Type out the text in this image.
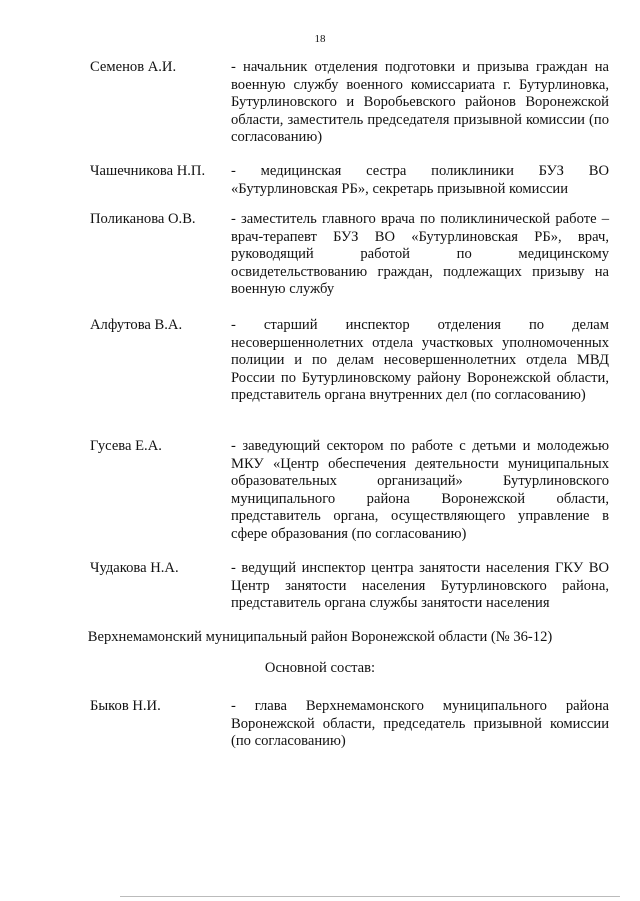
18
Семенов А.И.	- начальник отделения подготовки и призыва граждан на военную службу военного комиссариата г. Бутурлиновка, Бутурлиновского и Воробьевского районов Воронежской области, заместитель председателя призывной комиссии (по согласованию)
Чашечникова Н.П. - медицинская сестра поликлиники БУЗ ВО «Бутурлиновская РБ», секретарь призывной комиссии
Поликанова О.В. - заместитель главного врача по поликлинической работе – врач-терапевт БУЗ ВО «Бутурлиновская РБ», врач, руководящий работой по медицинскому освидетельствованию граждан, подлежащих призыву на военную службу
Алфутова В.А.	- старший инспектор отделения по делам несовершеннолетних отдела участковых уполномоченных полиции и по делам несовершеннолетних отдела МВД России по Бутурлиновскому району Воронежской области, представитель органа внутренних дел (по согласованию)
Гусева Е.А.	- заведующий сектором по работе с детьми и молодежью МКУ «Центр обеспечения деятельности муниципальных образовательных организаций» Бутурлиновского муниципального района Воронежской области, представитель органа, осуществляющего управление в сфере образования (по согласованию)
Чудакова Н.А.	- ведущий инспектор центра занятости населения ГКУ ВО Центр занятости населения Бутурлиновского района, представитель органа службы занятости населения
Верхнемамонский муниципальный район Воронежской области (№ 36-12)
Основной состав:
Быков Н.И.	- глава Верхнемамонского муниципального района Воронежской области, председатель призывной комиссии (по согласованию)
